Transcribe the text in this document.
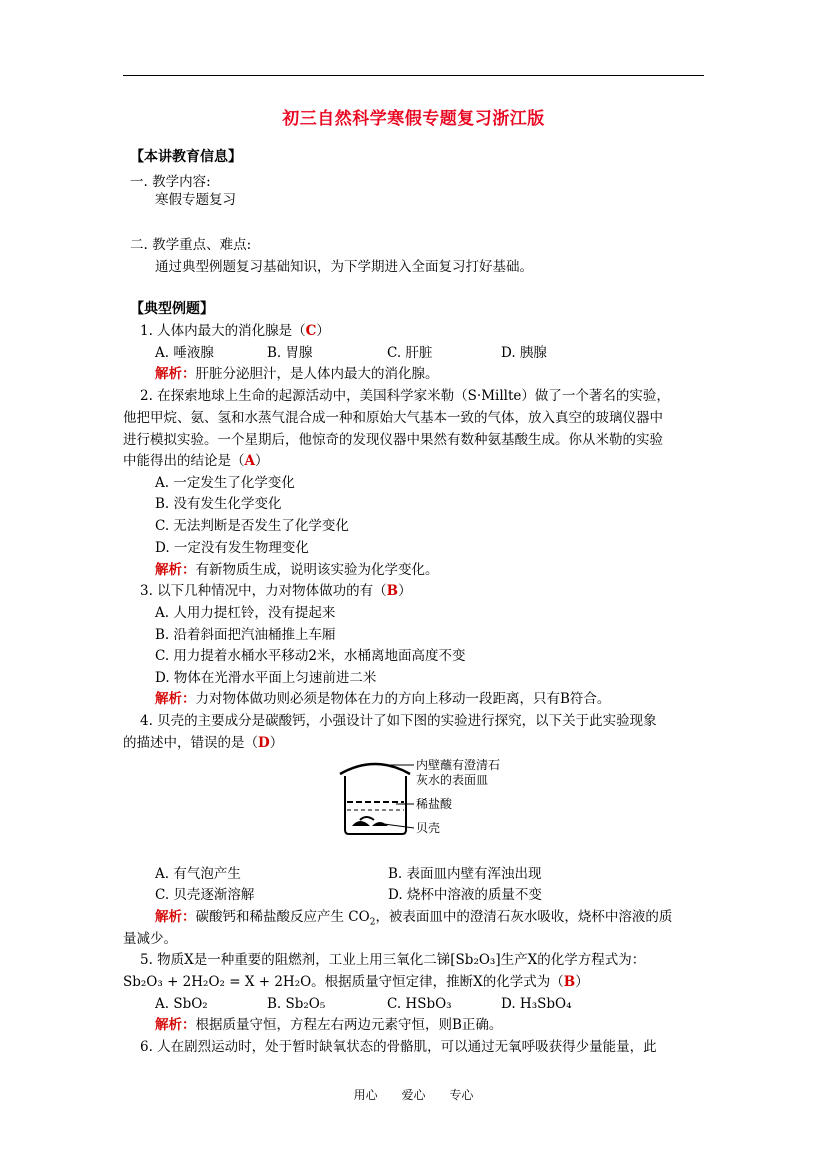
初三自然科学寒假专题复习浙江版
【本讲教育信息】
一. 教学内容:
寒假专题复习
二. 教学重点、难点:
通过典型例题复习基础知识，为下学期进入全面复习打好基础。
【典型例题】
1. 人体内最大的消化腺是（C）
A. 唾液腺	B. 胃腺	C. 肝脏	D. 胰腺
解析：肝脏分泌胆汁，是人体内最大的消化腺。
2. 在探索地球上生命的起源活动中，美国科学家米勒（S·Millte）做了一个著名的实验，
他把甲烷、氨、氢和水蒸气混合成一种和原始大气基本一致的气体，放入真空的玻璃仪器中
进行模拟实验。一个星期后，他惊奇的发现仪器中果然有数种氨基酸生成。你从米勒的实验
中能得出的结论是（A）
A. 一定发生了化学变化
B. 没有发生化学变化
C. 无法判断是否发生了化学变化
D. 一定没有发生物理变化
解析：有新物质生成，说明该实验为化学变化。
3. 以下几种情况中，力对物体做功的有（B）
A. 人用力提杠铃，没有提起来
B. 沿着斜面把汽油桶推上车厢
C. 用力提着水桶水平移动2米，水桶离地面高度不变
D. 物体在光滑水平面上匀速前进二米
解析：力对物体做功则必须是物体在力的方向上移动一段距离，只有B符合。
4. 贝壳的主要成分是碳酸钙，小强设计了如下图的实验进行探究，以下关于此实验现象
的描述中，错误的是（D）
内壁蘸有澄清石
灰水的表面皿
稀盐酸
贝壳
A. 有气泡产生	B. 表面皿内壁有浑浊出现
C. 贝壳逐渐溶解	D. 烧杯中溶液的质量不变
解析：碳酸钙和稀盐酸反应产生 $CO_2$，被表面皿中的澄清石灰水吸收，烧杯中溶液的质
量减少。
5. 物质X是一种重要的阻燃剂，工业上用三氧化二锑[Sb₂O₃]生产X的化学方程式为：
Sb₂O₃ + 2H₂O₂ = X + 2H₂O。根据质量守恒定律，推断X的化学式为（B）
A. SbO₂	B. Sb₂O₅	C. HSbO₃	D. H₃SbO₄
解析：根据质量守恒，方程左右两边元素守恒，则B正确。
6. 人在剧烈运动时，处于暂时缺氧状态的骨骼肌，可以通过无氧呼吸获得少量能量，此
用心 爱心 专心
